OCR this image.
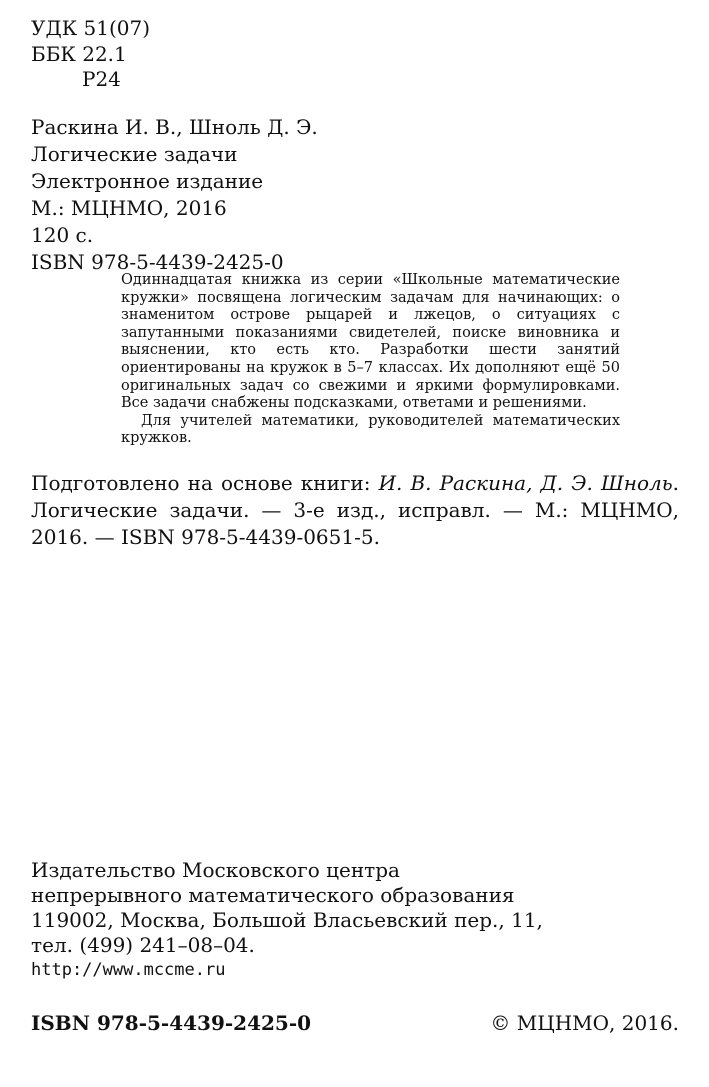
УДК 51(07)
ББК 22.1
Р24
Раскина И. В., Шноль Д. Э.
Логические задачи
Электронное издание
М.: МЦНМО, 2016
120 с.
ISBN 978-5-4439-2425-0

Одиннадцатая книжка из серии «Школьные математические кружки» посвящена логическим задачам для начинающих: о знаменитом острове рыцарей и лжецов, о ситуациях с запутанными показаниями свидетелей, поиске виновника и выяснении, кто есть кто. Разработки шести занятий ориентированы на кружок в 5–7 классах. Их дополняют ещё 50 оригинальных задач со свежими и яркими формулировками. Все задачи снабжены подсказками, ответами и решениями.

Для учителей математики, руководителей математических кружков.

Подготовлено на основе книги: И. В. Раскина, Д. Э. Шноль. Логические задачи. — 3-е изд., исправл. — М.: МЦНМО, 2016. — ISBN 978-5-4439-0651-5.

Издательство Московского центра
непрерывного математического образования
119002, Москва, Большой Власьевский пер., 11,
тел. (499) 241–08–04.
http://www.mccme.ru
ISBN 978-5-4439-2425-0	© МЦНМО, 2016.
